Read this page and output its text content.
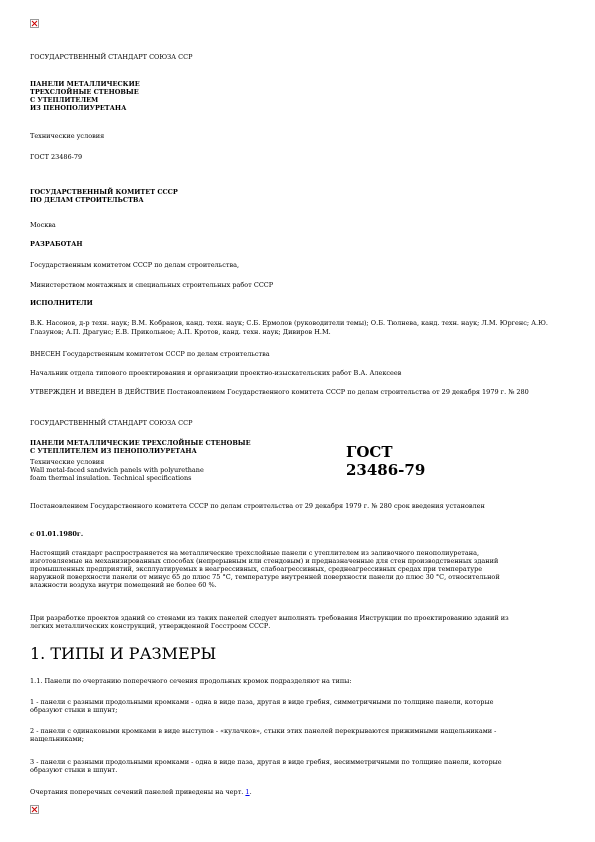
ГОСУДАРСТВЕННЫЙ СТАНДАРТ СОЮЗА ССР
ПАНЕЛИ МЕТАЛЛИЧЕСКИЕ
ТРЕХСЛОЙНЫЕ СТЕНОВЫЕ
С УТЕПЛИТЕЛЕМ
ИЗ ПЕНОПОЛИУРЕТАНА
Технические условия
ГОСТ 23486-79
ГОСУДАРСТВЕННЫЙ КОМИТЕТ СССР
ПО ДЕЛАМ СТРОИТЕЛЬСТВА
Москва
РАЗРАБОТАН
Государственным комитетом СССР по делам строительства,
Министерством монтажных и специальных строительных работ СССР
ИСПОЛНИТЕЛИ
В.К. Насонов, д-р техн. наук; В.М. Кобранов, канд. техн. наук; С.Б. Ермолов (руководители темы); О.Б. Тюлнева, канд. техн. наук; Л.М. Юргенс; А.Ю. Глазунов; А.П. Драгунс; Е.В. Прикольное; А.П. Кротов, канд. техн. наук; Дивиров Н.М.
ВНЕСЕН Государственным комитетом СССР по делам строительства
Начальник отдела типового проектирования и организации проектно-изыскательских работ В.А. Алексеев
УТВЕРЖДЕН И ВВЕДЕН В ДЕЙСТВИЕ Постановлением Государственного комитета СССР по делам строительства от 29 декабря 1979 г. № 280
ГОСУДАРСТВЕННЫЙ СТАНДАРТ СОЮЗА ССР
ПАНЕЛИ МЕТАЛЛИЧЕСКИЕ ТРЕХСЛОЙНЫЕ СТЕНОВЫЕ
С УТЕПЛИТЕЛЕМ ИЗ ПЕНОПОЛИУРЕТАНА
Технические условия
Wall metal-faced sandwich panels with polyurethane
foam thermal insulation. Technical specifications
ГОСТ
23486-79
Постановлением Государственного комитета СССР по делам строительства от 29 декабря 1979 г. № 280 срок введения установлен
с 01.01.1980г.
Настоящий стандарт распространяется на металлические трехслойные панели с утеплителем из заливочного пенополиуретана,
изготовляемые на механизированных способах (непрерывным или стендовым) и предназначенные для стен производственных зданий
промышленных предприятий, эксплуатируемых в неагрессивных, слабоагрессивных, среднеагрессивных средах при температуре
наружной поверхности панели от минус 65 до плюс 75 °С, температуре внутренней поверхности панели до плюс 30 °С, относительной
влажности воздуха внутри помещений не более 60 %.
При разработке проектов зданий со стенами из таких панелей следует выполнять требования Инструкции по проектированию зданий из
легких металлических конструкций, утвержденной Госстроем СССР.
1. ТИПЫ И РАЗМЕРЫ
1.1. Панели по очертанию поперечного сечения продольных кромок подразделяют на типы:
1 - панели с разными продольными кромками - одна в виде паза, другая в виде гребня, симметричными по толщине панели, которые
образуют стыки в шпунт;
2 - панели с одинаковыми кромками в виде выступов - «кулачков», стыки этих панелей перекрываются прижимными нащельниками -
нащельниками;
3 - панели с разными продольными кромками - одна в виде паза, другая в виде гребня, несимметричными по толщине панели, которые
образуют стыки в шпунт.
Очертания поперечных сечений панелей приведены на черт. 1.
